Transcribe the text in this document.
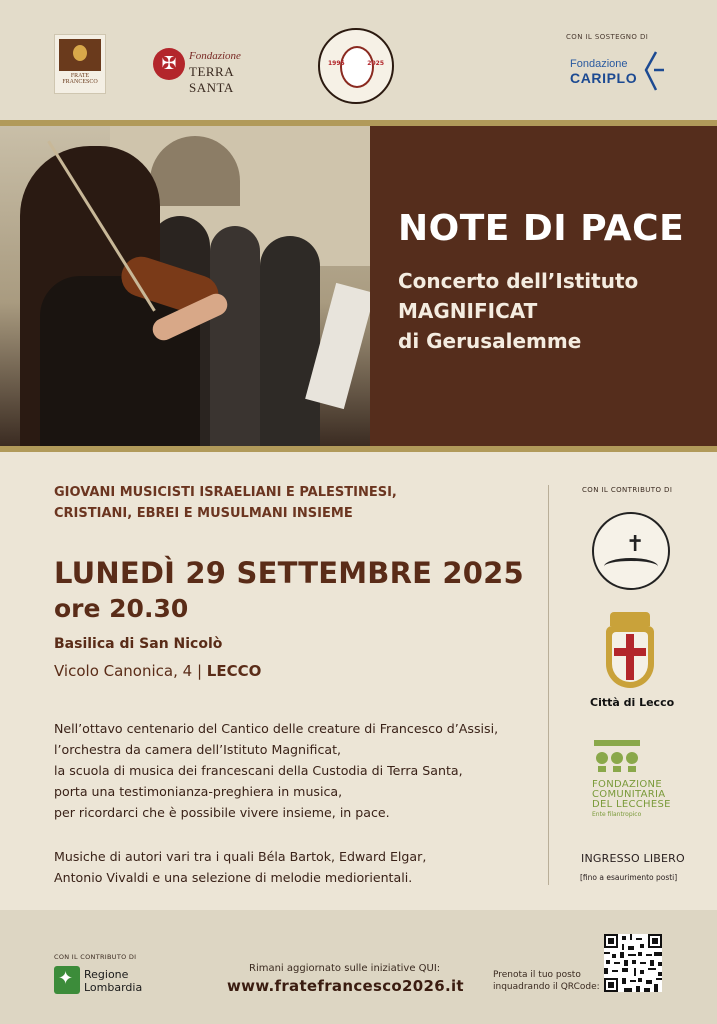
FRATE FRANCESCO
✠	Fondazione
TERRA SANTA
1995	2025
CON IL SOSTEGNO DI
Fondazione
CARIPLO
NOTE DI PACE
Concerto dell’Istituto
MAGNIFICAT
di Gerusalemme
GIOVANI MUSICISTI ISRAELIANI E PALESTINESI,
CRISTIANI, EBREI E MUSULMANI INSIEME
LUNEDÌ 29 SETTEMBRE 2025
ore 20.30
Basilica di San Nicolò
Vicolo Canonica, 4 | LECCO
Nell’ottavo centenario del Cantico delle creature di Francesco d’Assisi,
l’orchestra da camera dell’Istituto Magnificat,
la scuola di musica dei francescani della Custodia di Terra Santa,
porta una testimonianza-preghiera in musica,
per ricordarci che è possibile vivere insieme, in pace.
Musiche di autori vari tra i quali Béla Bartok, Edward Elgar,
Antonio Vivaldi e una selezione di melodie mediorientali.
CON IL CONTRIBUTO DI
✝
Città di Lecco
FONDAZIONE
COMUNITARIA
DEL LECCHESE
Ente filantropico
INGRESSO LIBERO
[fino a esaurimento posti]
CON IL CONTRIBUTO DI
✦
Regione
Lombardia
Rimani aggiornato sulle iniziative QUI:
www.fratefrancesco2026.it
Prenota il tuo posto
inquadrando il QRCode:
